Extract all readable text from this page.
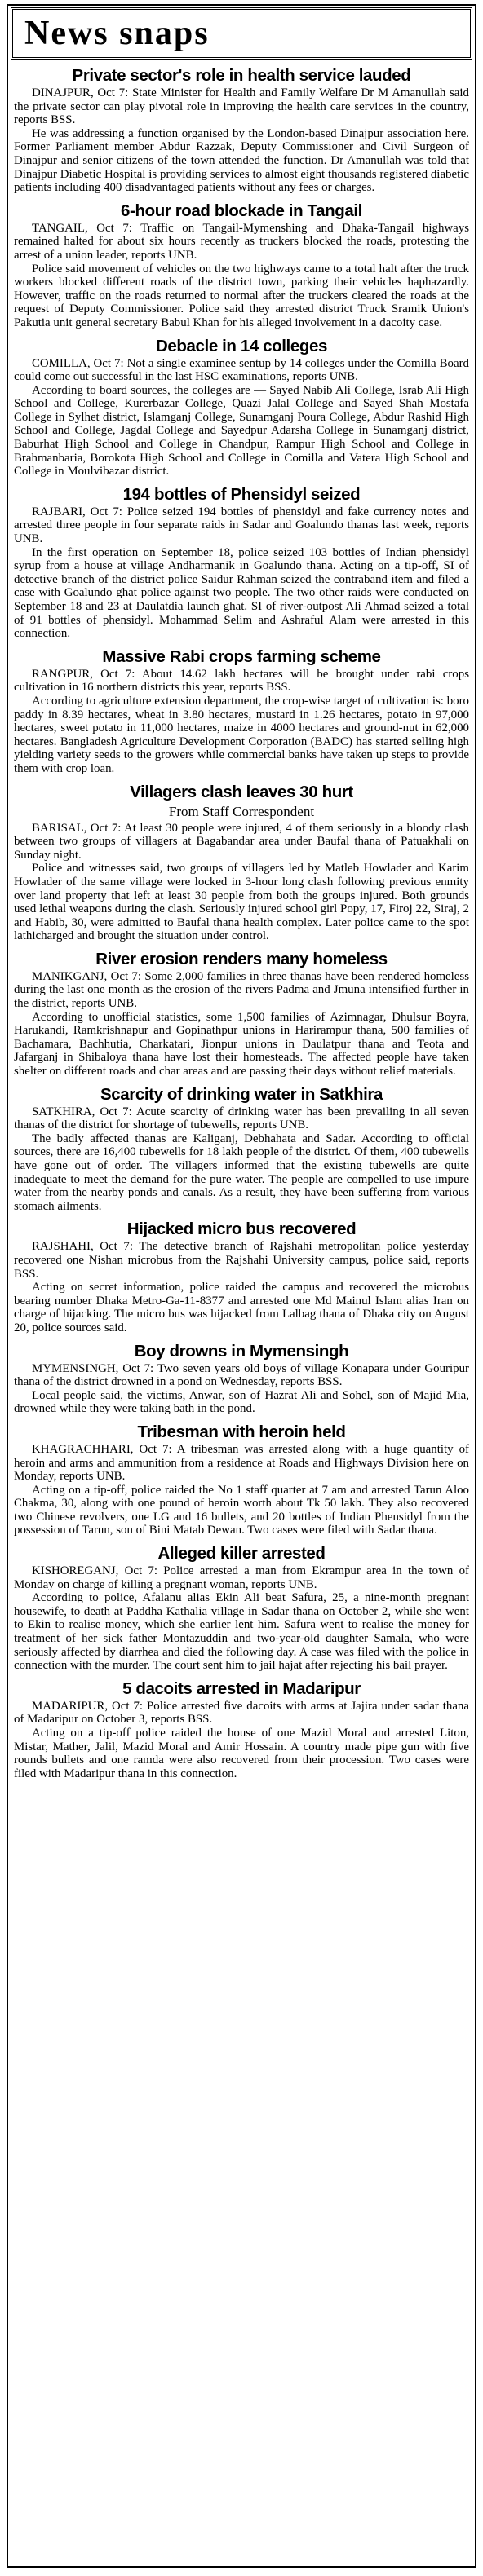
News snaps
Private sector's role in health service lauded

DINAJPUR, Oct 7: State Minister for Health and Family Welfare Dr M Amanullah said the private sector can play pivotal role in improving the health care services in the country, reports BSS.

He was addressing a function organised by the London-based Dinajpur association here. Former Parliament member Abdur Razzak, Deputy Commissioner and Civil Surgeon of Dinajpur and senior citizens of the town attended the function. Dr Amanullah was told that Dinajpur Diabetic Hospital is providing services to almost eight thousands registered diabetic patients including 400 disadvantaged patients without any fees or charges.

6-hour road blockade in Tangail

TANGAIL, Oct 7: Traffic on Tangail-Mymenshing and Dhaka-Tangail highways remained halted for about six hours recently as truckers blocked the roads, protesting the arrest of a union leader, reports UNB.

Police said movement of vehicles on the two highways came to a total halt after the truck workers blocked different roads of the district town, parking their vehicles haphazardly. However, traffic on the roads returned to normal after the truckers cleared the roads at the request of Deputy Commissioner. Police said they arrested district Truck Sramik Union's Pakutia unit general secretary Babul Khan for his alleged involvement in a dacoity case.

Debacle in 14 colleges

COMILLA, Oct 7: Not a single examinee sentup by 14 colleges under the Comilla Board could come out successful in the last HSC examinations, reports UNB.

According to board sources, the colleges are — Sayed Nabib Ali College, Israb Ali High School and College, Kurerbazar College, Quazi Jalal College and Sayed Shah Mostafa College in Sylhet district, Islamganj College, Sunamganj Poura College, Abdur Rashid High School and College, Jagdal College and Sayedpur Adarsha College in Sunamganj district, Baburhat High School and College in Chandpur, Rampur High School and College in Brahmanbaria, Borokota High School and College in Comilla and Vatera High School and College in Moulvibazar district.

194 bottles of Phensidyl seized

RAJBARI, Oct 7: Police seized 194 bottles of phensidyl and fake currency notes and arrested three people in four separate raids in Sadar and Goalundo thanas last week, reports UNB.

In the first operation on September 18, police seized 103 bottles of Indian phensidyl syrup from a house at village Andharmanik in Goalundo thana. Acting on a tip-off, SI of detective branch of the district police Saidur Rahman seized the contraband item and filed a case with Goalundo ghat police against two people. The two other raids were conducted on September 18 and 23 at Daulatdia launch ghat. SI of river-outpost Ali Ahmad seized a total of 91 bottles of phensidyl. Mohammad Selim and Ashraful Alam were arrested in this connection.

Massive Rabi crops farming scheme

RANGPUR, Oct 7: About 14.62 lakh hectares will be brought under rabi crops cultivation in 16 northern districts this year, reports BSS.

According to agriculture extension department, the crop-wise target of cultivation is: boro paddy in 8.39 hectares, wheat in 3.80 hectares, mustard in 1.26 hectares, potato in 97,000 hectares, sweet potato in 11,000 hectares, maize in 4000 hectares and ground-nut in 62,000 hectares. Bangladesh Agriculture Development Corporation (BADC) has started selling high yielding variety seeds to the growers while commercial banks have taken up steps to provide them with crop loan.

Villagers clash leaves 30 hurt
From Staff Correspondent

BARISAL, Oct 7: At least 30 people were injured, 4 of them seriously in a bloody clash between two groups of villagers at Bagabandar area under Baufal thana of Patuakhali on Sunday night.

Police and witnesses said, two groups of villagers led by Matleb Howlader and Karim Howlader of the same village were locked in 3-hour long clash following previous enmity over land property that left at least 30 people from both the groups injured. Both grounds used lethal weapons during the clash. Seriously injured school girl Popy, 17, Firoj 22, Siraj, 2 and Habib, 30, were admitted to Baufal thana health complex. Later police came to the spot lathicharged and brought the situation under control.

River erosion renders many homeless

MANIKGANJ, Oct 7: Some 2,000 families in three thanas have been rendered homeless during the last one month as the erosion of the rivers Padma and Jmuna intensified further in the district, reports UNB.

According to unofficial statistics, some 1,500 families of Azimnagar, Dhulsur Boyra, Harukandi, Ramkrishnapur and Gopinathpur unions in Harirampur thana, 500 families of Bachamara, Bachhutia, Charkatari, Jionpur unions in Daulatpur thana and Teota and Jafarganj in Shibaloya thana have lost their homesteads. The affected people have taken shelter on different roads and char areas and are passing their days without relief materials.

Scarcity of drinking water in Satkhira

SATKHIRA, Oct 7: Acute scarcity of drinking water has been prevailing in all seven thanas of the district for shortage of tubewells, reports UNB.

The badly affected thanas are Kaliganj, Debhahata and Sadar. According to official sources, there are 16,400 tubewells for 18 lakh people of the district. Of them, 400 tubewells have gone out of order. The villagers informed that the existing tubewells are quite inadequate to meet the demand for the pure water. The people are compelled to use impure water from the nearby ponds and canals. As a result, they have been suffering from various stomach ailments.

Hijacked micro bus recovered

RAJSHAHI, Oct 7: The detective branch of Rajshahi metropolitan police yesterday recovered one Nishan microbus from the Rajshahi University campus, police said, reports BSS.

Acting on secret information, police raided the campus and recovered the microbus bearing number Dhaka Metro-Ga-11-8377 and arrested one Md Mainul Islam alias Iran on charge of hijacking. The micro bus was hijacked from Lalbag thana of Dhaka city on August 20, police sources said.

Boy drowns in Mymensingh

MYMENSINGH, Oct 7: Two seven years old boys of village Konapara under Gouripur thana of the district drowned in a pond on Wednesday, reports BSS.

Local people said, the victims, Anwar, son of Hazrat Ali and Sohel, son of Majid Mia, drowned while they were taking bath in the pond.

Tribesman with heroin held

KHAGRACHHARI, Oct 7: A tribesman was arrested along with a huge quantity of heroin and arms and ammunition from a residence at Roads and Highways Division here on Monday, reports UNB.

Acting on a tip-off, police raided the No 1 staff quarter at 7 am and arrested Tarun Aloo Chakma, 30, along with one pound of heroin worth about Tk 50 lakh. They also recovered two Chinese revolvers, one LG and 16 bullets, and 20 bottles of Indian Phensidyl from the possession of Tarun, son of Bini Matab Dewan. Two cases were filed with Sadar thana.

Alleged killer arrested

KISHOREGANJ, Oct 7: Police arrested a man from Ekrampur area in the town of Monday on charge of killing a pregnant woman, reports UNB.

According to police, Afalanu alias Ekin Ali beat Safura, 25, a nine-month pregnant housewife, to death at Paddha Kathalia village in Sadar thana on October 2, while she went to Ekin to realise money, which she earlier lent him. Safura went to realise the money for treatment of her sick father Montazuddin and two-year-old daughter Samala, who were seriously affected by diarrhea and died the following day. A case was filed with the police in connection with the murder. The court sent him to jail hajat after rejecting his bail prayer.

5 dacoits arrested in Madaripur

MADARIPUR, Oct 7: Police arrested five dacoits with arms at Jajira under sadar thana of Madaripur on October 3, reports BSS.

Acting on a tip-off police raided the house of one Mazid Moral and arrested Liton, Mistar, Mather, Jalil, Mazid Moral and Amir Hossain. A country made pipe gun with five rounds bullets and one ramda were also recovered from their procession. Two cases were filed with Madaripur thana in this connection.
